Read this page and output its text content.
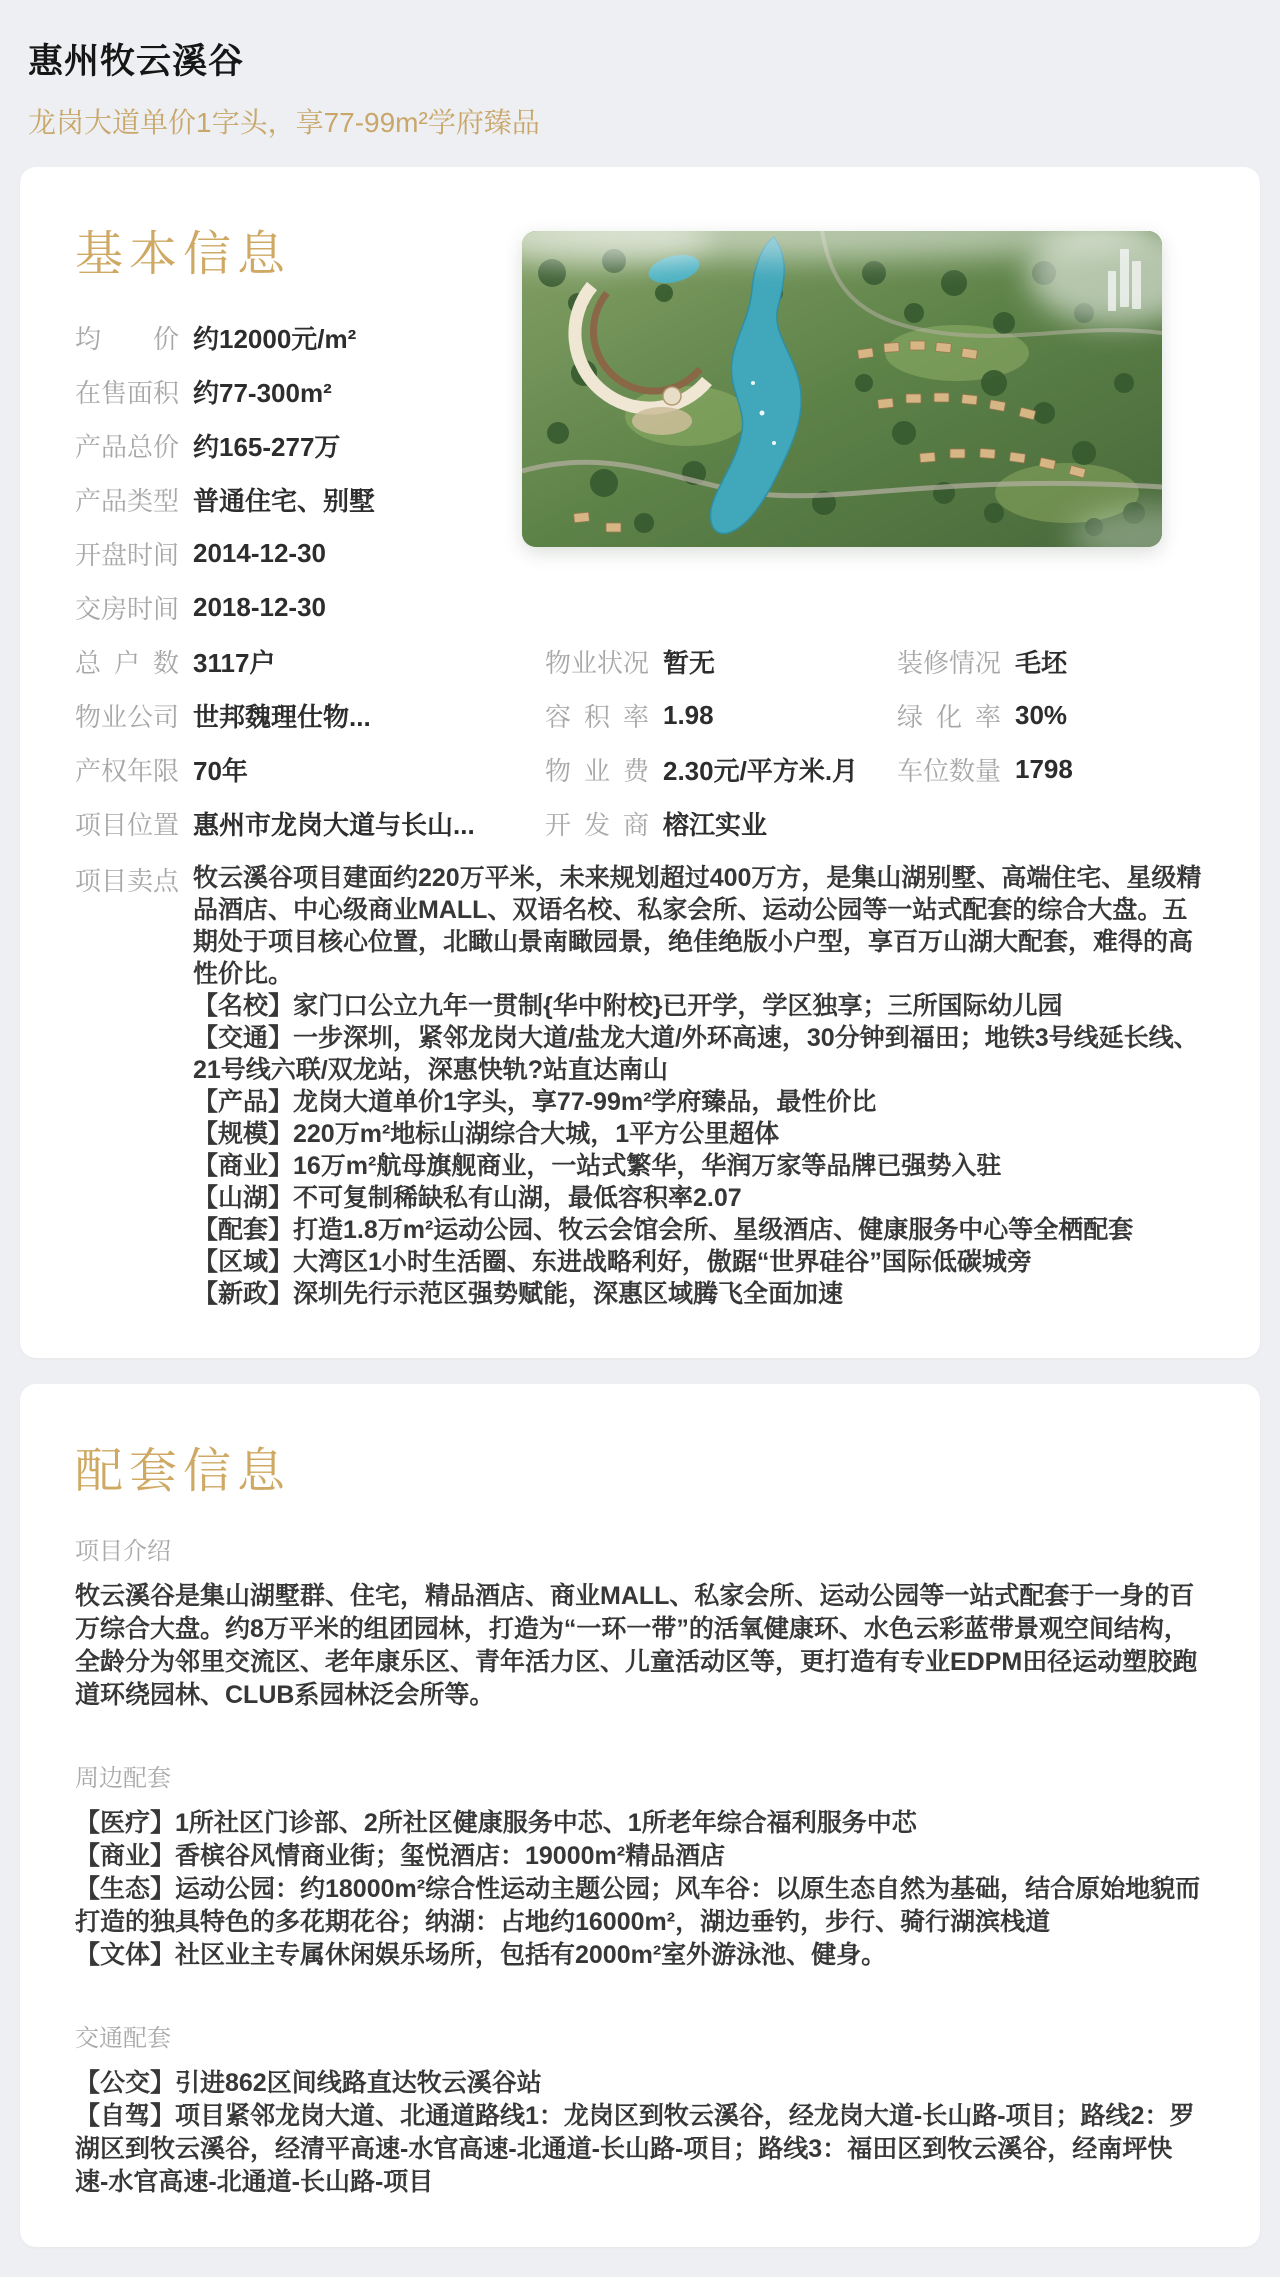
惠州牧云溪谷

龙岗大道单价1字头，享77-99m²学府臻品

基本信息
均价 约12000元/m²
在售面积 约77-300m²
产品总价 约165-277万
产品类型 普通住宅、别墅
开盘时间 2014-12-30
交房时间 2018-12-30
总户数 3117户	物业状况 暂无	装修情况 毛坯
物业公司 世邦魏理仕物...	容积率 1.98	绿化率 30%
产权年限 70年	物业费 2.30元/平方米.月 车位数量 1798
项目位置 惠州市龙岗大道与长山...	开发商 榕江实业
项目卖点 牧云溪谷项目建面约220万平米，未来规划超过400万方，是集山湖别墅、高端住宅、星级精品酒店、中心级商业MALL、双语名校、私家会所、运动公园等一站式配套的综合大盘。五期处于项目核心位置，北瞰山景南瞰园景，绝佳绝版小户型，享百万山湖大配套，难得的高性价比。

【名校】家门口公立九年一贯制{华中附校}已开学，学区独享；三所国际幼儿园

【交通】一步深圳，紧邻龙岗大道/盐龙大道/外环高速，30分钟到福田；地铁3号线延长线、21号线六联/双龙站，深惠快轨?站直达南山

【产品】龙岗大道单价1字头，享77-99m²学府臻品，最性价比

【规模】220万m²地标山湖综合大城，1平方公里超体

【商业】16万m²航母旗舰商业，一站式繁华，华润万家等品牌已强势入驻

【山湖】不可复制稀缺私有山湖，最低容积率2.07

【配套】打造1.8万m²运动公园、牧云会馆会所、星级酒店、健康服务中心等全栖配套

【区域】大湾区1小时生活圈、东进战略利好，傲踞“世界硅谷”国际低碳城旁

【新政】深圳先行示范区强势赋能，深惠区域腾飞全面加速

配套信息
项目介绍

牧云溪谷是集山湖墅群、住宅，精品酒店、商业MALL、私家会所、运动公园等一站式配套于一身的百万综合大盘。约8万平米的组团园林，打造为“一环一带”的活氧健康环、水色云彩蓝带景观空间结构，全龄分为邻里交流区、老年康乐区、青年活力区、儿童活动区等，更打造有专业EDPM田径运动塑胶跑道环绕园林、CLUB系园林泛会所等。

周边配套

【医疗】1所社区门诊部、2所社区健康服务中芯、1所老年综合福利服务中芯

【商业】香槟谷风情商业街；玺悦酒店：19000m²精品酒店

【生态】运动公园：约18000m²综合性运动主题公园；风车谷：以原生态自然为基础，结合原始地貌而打造的独具特色的多花期花谷；纳湖：占地约16000m²，湖边垂钓，步行、骑行湖滨栈道

【文体】社区业主专属休闲娱乐场所，包括有2000m²室外游泳池、健身。

交通配套

【公交】引进862区间线路直达牧云溪谷站

【自驾】项目紧邻龙岗大道、北通道路线1：龙岗区到牧云溪谷，经龙岗大道-长山路-项目；路线2：罗湖区到牧云溪谷，经清平高速-水官高速-北通道-长山路-项目；路线3：福田区到牧云溪谷，经南坪快速-水官高速-北通道-长山路-项目
